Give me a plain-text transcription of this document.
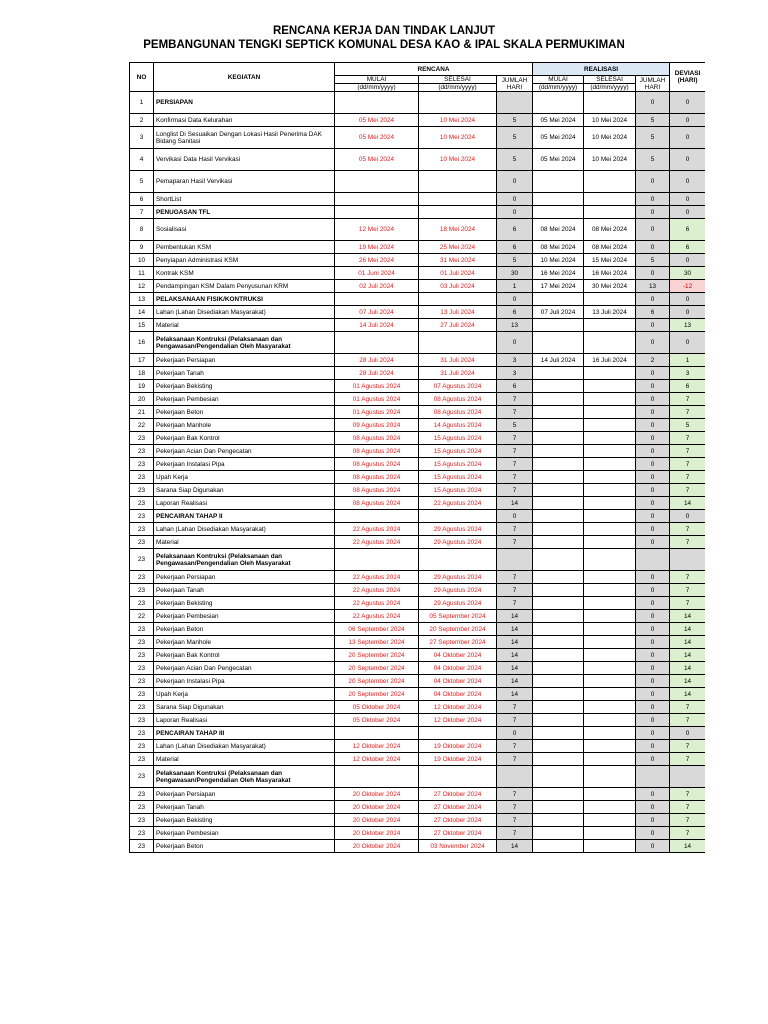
RENCANA KERJA DAN TINDAK LANJUT
PEMBANGUNAN TENGKI SEPTICK KOMUNAL DESA KAO & IPAL SKALA PERMUKIMAN
NO	KEGIATAN	RENCANA			REALISASI			DEVIASI
(HARI)
		MULAI	SELESAI	JUMLAH
HARI	MULAI	SELESAI	JUMLAH
HARI	
		(dd/mm/yyyy)	(dd/mm/yyyy)		(dd/mm/yyyy)	(dd/mm/yyyy)		
1	PERSIAPAN						0	0
2	Konfirmasi Data Kelurahan	05 Mei 2024	10 Mei 2024	5	05 Mei 2024	10 Mei 2024	5	0
3	Longlist Di Sesuaikan Dengan Lokasi Hasil Penerima DAK Bidang Sanitasi	05 Mei 2024	10 Mei 2024	5	05 Mei 2024	10 Mei 2024	5	0
4	Vervikasi Data Hasil Vervikasi	05 Mei 2024	10 Mei 2024	5	05 Mei 2024	10 Mei 2024	5	0
5	Pemaparan Hasil Vervikasi			0			0	0
6	ShortList			0			0	0
7	PENUGASAN TFL			0			0	0
8	Sosialisasi	12 Mei 2024	18 Mei 2024	6	08 Mei 2024	08 Mei 2024	0	6
9	Pembentukan KSM	19 Mei 2024	25 Mei 2024	6	08 Mei 2024	08 Mei 2024	0	6
10	Penyiapan Administrasi KSM	26 Mei 2024	31 Mei 2024	5	10 Mei 2024	15 Mei 2024	5	0
11	Kontrak KSM	01 Juni 2024	01 Juli 2024	30	16 Mei 2024	16 Mei 2024	0	30
12	Pendampingan KSM Dalam Penyusunan KRM	02 Juli 2024	03 Juli 2024	1	17 Mei 2024	30 Mei 2024	13	-12
13	PELAKSANAAN FISIK/KONTRUKSI			0			0	0
14	Lahan (Lahan Disediakan Masyarakat)	07 Juli 2024	13 Juli 2024	6	07 Juli 2024	13 Juli 2024	6	0
15	Material	14 Juli 2024	27 Juli 2024	13			0	13
16	Pelaksanaan Kontruksi (Pelaksanaan dan Pengawasan/Pengendalian Oleh Masyarakat			0			0	0
17	Pekerjaan Persiapan	28 Juli 2024	31 Juli 2024	3	14 Juli 2024	16 Juli 2024	2	1
18	Pekerjaan Tanah	28 Juli 2024	31 Juli 2024	3			0	3
19	Pekerjaan Bekisting	01 Agustus 2024	07 Agustus 2024	6			0	6
20	Pekerjaan Pembesian	01 Agustus 2024	08 Agustus 2024	7			0	7
21	Pekerjaan Beton	01 Agustus 2024	08 Agustus 2024	7			0	7
22	Pekerjaan Manhole	09 Agustus 2024	14 Agustus 2024	5			0	5
23	Pekerjaan Bak Kontrol	08 Agustus 2024	15 Agustus 2024	7			0	7
23	Pekerjaan Acian Dan Pengecatan	08 Agustus 2024	15 Agustus 2024	7			0	7
23	Pekerjaan Instalasi Pipa	08 Agustus 2024	15 Agustus 2024	7			0	7
23	Upah Kerja	08 Agustus 2024	15 Agustus 2024	7			0	7
23	Sarana Siap Digunakan	08 Agustus 2024	15 Agustus 2024	7			0	7
23	Laporan Realisasi	08 Agustus 2024	22 Agustus 2024	14			0	14
23	PENCAIRAN TAHAP II			0			0	0
23	Lahan (Lahan Disediakan Masyarakat)	22 Agustus 2024	29 Agustus 2024	7			0	7
23	Material	22 Agustus 2024	29 Agustus 2024	7			0	7
23	Pelaksanaan Kontruksi (Pelaksanaan dan Pengawasan/Pengendalian Oleh Masyarakat							
23	Pekerjaan Persiapan	22 Agustus 2024	29 Agustus 2024	7			0	7
23	Pekerjaan Tanah	22 Agustus 2024	29 Agustus 2024	7			0	7
23	Pekerjaan Bekisting	22 Agustus 2024	29 Agustus 2024	7			0	7
22	Pekerjaan Pembesian	22 Agustus 2024	05 September 2024	14			0	14
23	Pekerjaan Beton	06 September 2024	20 September 2024	14			0	14
23	Pekerjaan Manhole	13 September 2024	27 September 2024	14			0	14
23	Pekerjaan Bak Kontrol	20 September 2024	04 Oktober 2024	14			0	14
23	Pekerjaan Acian Dan Pengecatan	20 September 2024	04 Oktober 2024	14			0	14
23	Pekerjaan Instalasi Pipa	20 September 2024	04 Oktober 2024	14			0	14
23	Upah Kerja	20 September 2024	04 Oktober 2024	14			0	14
23	Sarana Siap Digunakan	05 Oktober 2024	12 Oktober 2024	7			0	7
23	Laporan Realisasi	05 Oktober 2024	12 Oktober 2024	7			0	7
23	PENCAIRAN TAHAP III			0			0	0
23	Lahan (Lahan Disediakan Masyarakat)	12 Oktober 2024	19 Oktober 2024	7			0	7
23	Material	12 Oktober 2024	19 Oktober 2024	7			0	7
23	Pelaksanaan Kontruksi (Pelaksanaan dan Pengawasan/Pengendalian Oleh Masyarakat							
23	Pekerjaan Persiapan	20 Oktober 2024	27 Oktober 2024	7			0	7
23	Pekerjaan Tanah	20 Oktober 2024	27 Oktober 2024	7			0	7
23	Pekerjaan Bekisting	20 Oktober 2024	27 Oktober 2024	7			0	7
23	Pekerjaan Pembesian	20 Oktober 2024	27 Oktober 2024	7			0	7
23	Pekerjaan Beton	20 Oktober 2024	03 November 2024	14			0	14
